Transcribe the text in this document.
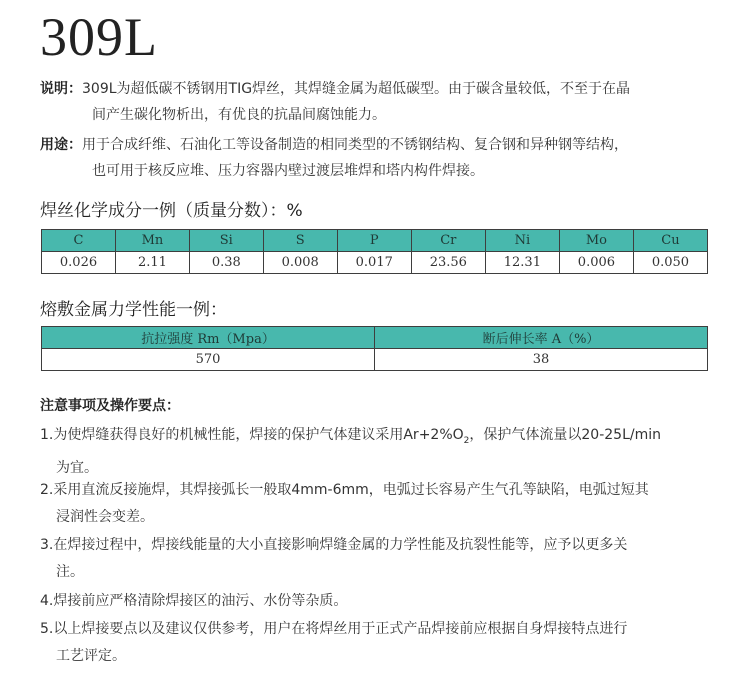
309L
说明：309L为超低碳不锈钢用TIG焊丝，其焊缝金属为超低碳型。由于碳含量较低，不至于在晶
间产生碳化物析出，有优良的抗晶间腐蚀能力。
用途：用于合成纤维、石油化工等设备制造的相同类型的不锈钢结构、复合钢和异种钢等结构，
也可用于核反应堆、压力容器内壁过渡层堆焊和塔内构件焊接。
焊丝化学成分一例（质量分数）：%
C	Mn	Si	S	P	Cr	Ni	Mo	Cu
0.026	2.11	0.38	0.008	0.017	23.56	12.31	0.006	0.050
熔敷金属力学性能一例：
抗拉强度 Rm（Mpa）	断后伸长率 A（%）
570	38
注意事项及操作要点：
1.为使焊缝获得良好的机械性能，焊接的保护气体建议采用$Ar+2\%O_2$，保护气体流量以20-25L/min
为宜。
2.采用直流反接施焊，其焊接弧长一般取4mm-6mm，电弧过长容易产生气孔等缺陷，电弧过短其
浸润性会变差。
3.在焊接过程中，焊接线能量的大小直接影响焊缝金属的力学性能及抗裂性能等，应予以更多关
注。
4.焊接前应严格清除焊接区的油污、水份等杂质。
5.以上焊接要点以及建议仅供参考，用户在将焊丝用于正式产品焊接前应根据自身焊接特点进行
工艺评定。
